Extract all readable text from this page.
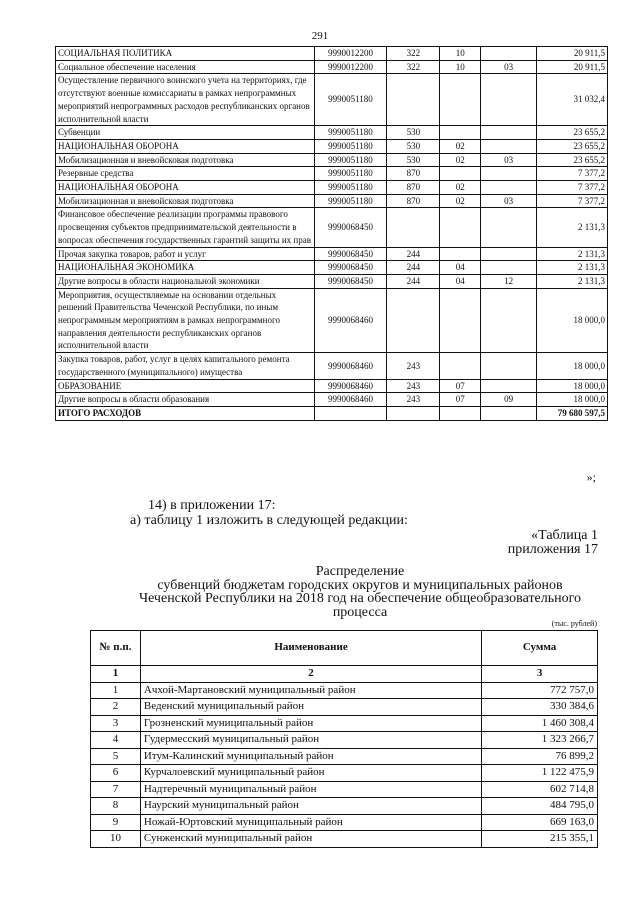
291
СОЦИАЛЬНАЯ ПОЛИТИКА	9990012200	322	10		20 911,5
Социальное обеспечение населения	9990012200	322	10	03	20 911,5
Осуществление первичного воинского учета на территориях, где отсутствуют военные комиссариаты в рамках непрограммных мероприятий непрограммных расходов республиканских органов исполнительной власти	9990051180				31 032,4
Субвенции	9990051180	530			23 655,2
НАЦИОНАЛЬНАЯ ОБОРОНА	9990051180	530	02		23 655,2
Мобилизационная и вневойсковая подготовка	9990051180	530	02	03	23 655,2
Резервные средства	9990051180	870			7 377,2
НАЦИОНАЛЬНАЯ ОБОРОНА	9990051180	870	02		7 377,2
Мобилизационная и вневойсковая подготовка	9990051180	870	02	03	7 377,2
Финансовое обеспечение реализации программы правового просвещения субъектов предпринимательской деятельности в вопросах обеспечения государственных гарантий защиты их прав	9990068450				2 131,3
Прочая закупка товаров, работ и услуг	9990068450	244			2 131,3
НАЦИОНАЛЬНАЯ ЭКОНОМИКА	9990068450	244	04		2 131,3
Другие вопросы в области национальной экономики	9990068450	244	04	12	2 131,3
Мероприятия, осуществляемые на основании отдельных решений Правительства Чеченской Республики, по иным непрограммным мероприятиям в рамках непрограммного направления деятельности республиканских органов исполнительной власти	9990068460				18 000,0
Закупка товаров, работ, услуг в целях капитального ремонта государственного (муниципального) имущества	9990068460	243			18 000,0
ОБРАЗОВАНИЕ	9990068460	243	07		18 000,0
Другие вопросы в области образования	9990068460	243	07	09	18 000,0
ИТОГО РАСХОДОВ					79 680 597,5
»;
14) в приложении 17:
а) таблицу 1 изложить в следующей редакции:
«Таблица 1
приложения 17
Распределение
субвенций бюджетам городских округов и муниципальных районов
Чеченской Республики на 2018 год на обеспечение общеобразовательного
процесса
(тыс. рублей)
№ п.п.	Наименование	Сумма
1	2	3
1	Ачхой-Мартановский муниципальный район	772 757,0
2	Веденский муниципальный район	330 384,6
3	Грозненский муниципальный район	1 460 308,4
4	Гудермесский муниципальный район	1 323 266,7
5	Итум-Калинский муниципальный район	76 899,2
6	Курчалоевский муниципальный район	1 122 475,9
7	Надтеречный муниципальный район	602 714,8
8	Наурский муниципальный район	484 795,0
9	Ножай-Юртовский муниципальный район	669 163,0
10	Сунженский муниципальный район	215 355,1
